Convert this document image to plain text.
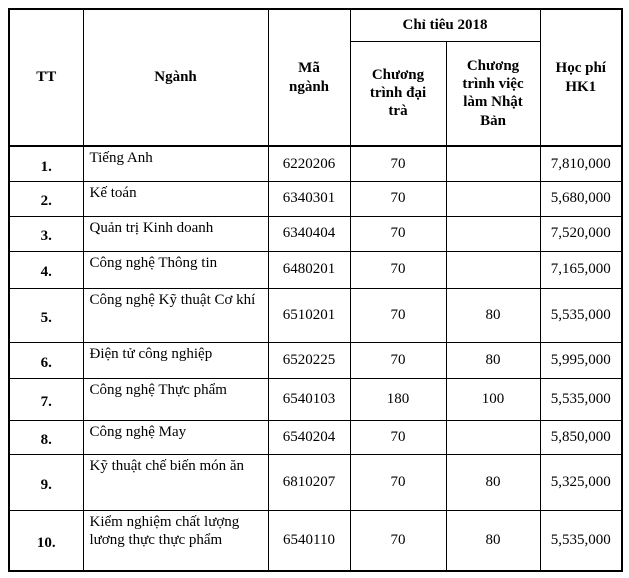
TT	Ngành	Mã ngành	Chỉ tiêu 2018		Học phí HK1
			Chương trình đại trà	Chương trình việc làm Nhật Bản	
1.	Tiếng Anh	6220206	70		7,810,000
2.	Kế toán	6340301	70		5,680,000
3.	Quản trị Kinh doanh	6340404	70		7,520,000
4.	Công nghệ Thông tin	6480201	70		7,165,000
5.	Công nghệ Kỹ thuật Cơ khí	6510201	70	80	5,535,000
6.	Điện tử công nghiệp	6520225	70	80	5,995,000
7.	Công nghệ Thực phẩm	6540103	180	100	5,535,000
8.	Công nghệ May	6540204	70		5,850,000
9.	Kỹ thuật chế biến món ăn	6810207	70	80	5,325,000
10.	Kiểm nghiệm chất lượng lương thực thực phẩm	6540110	70	80	5,535,000
